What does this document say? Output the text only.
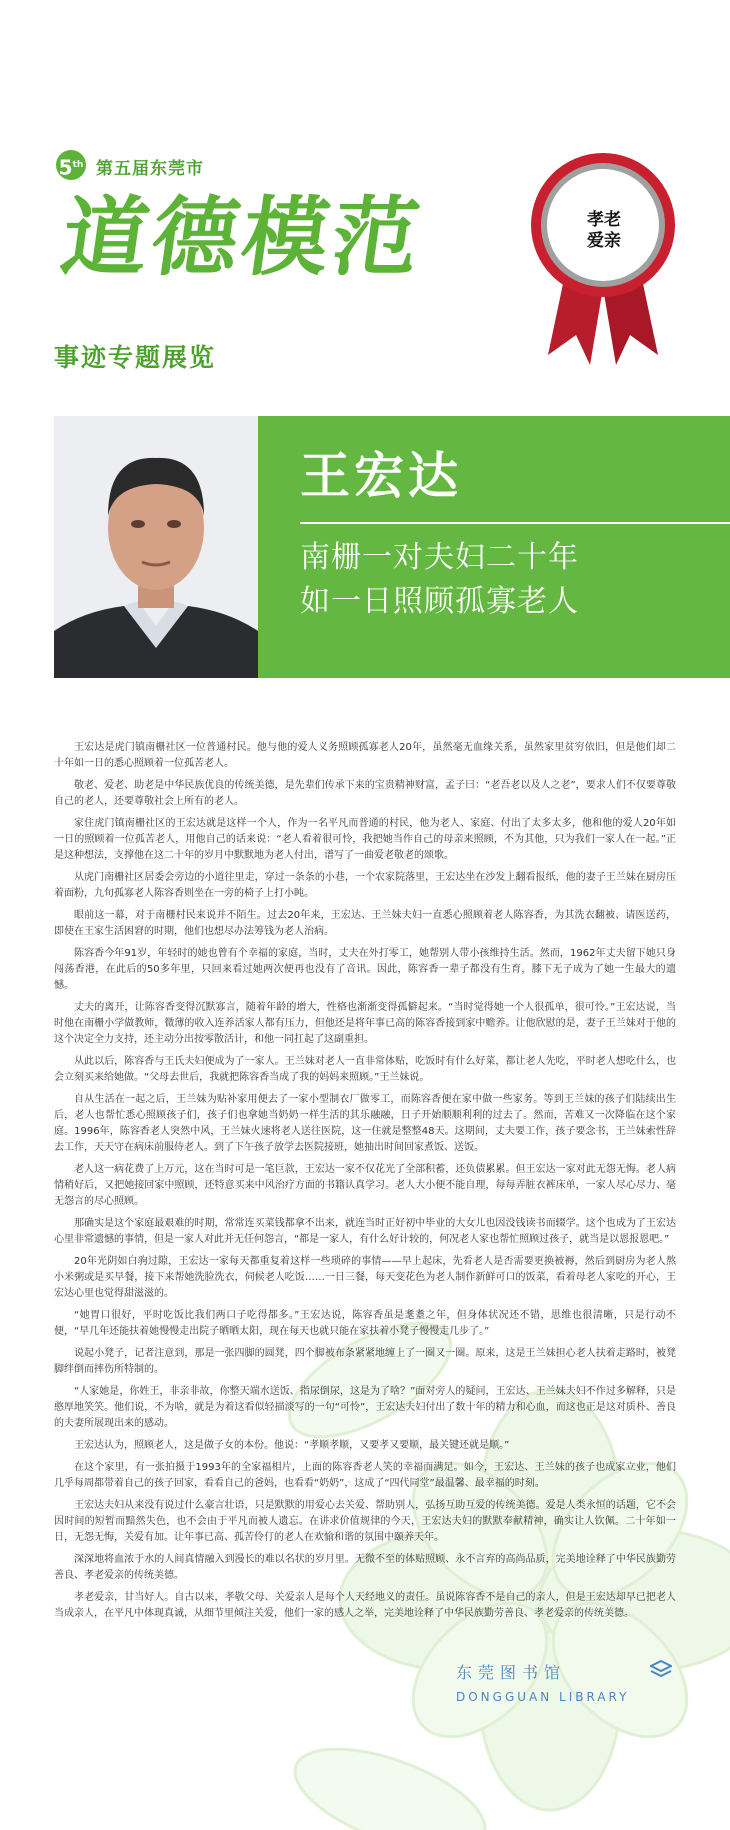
5th 第五届东莞市
道德模范
事迹专题展览
孝老
爱亲
王宏达
南栅一对夫妇二十年
如一日照顾孤寡老人

王宏达是虎门镇南栅社区一位普通村民。他与他的爱人义务照顾孤寡老人20年，虽然毫无血缘关系，虽然家里贫穷依旧，但是他们却二十年如一日的悉心照顾着一位孤苦老人。

敬老、爱老、助老是中华民族优良的传统美德，是先辈们传承下来的宝贵精神财富，孟子曰：“老吾老以及人之老”，要求人们不仅要尊敬自己的老人，还要尊敬社会上所有的老人。

家住虎门镇南栅社区的王宏达就是这样一个人，作为一名平凡而普通的村民，他为老人、家庭、付出了太多太多，他和他的爱人20年如一日的照顾着一位孤苦老人，用他自己的话来说：“老人看着很可怜，我把她当作自己的母亲来照顾，不为其他，只为我们一家人在一起。”正是这种想法，支撑他在这二十年的岁月中默默地为老人付出，谱写了一曲爱老敬老的颂歌。

从虎门南栅社区居委会旁边的小道往里走，穿过一条条的小巷，一个农家院落里，王宏达坐在沙发上翻看报纸，他的妻子王兰妹在厨房压着面粉，九旬孤寡老人陈容香则坐在一旁的椅子上打小盹。

眼前这一幕，对于南栅村民来说并不陌生。过去20年来，王宏达、王兰妹夫妇一直悉心照顾着老人陈容香，为其洗衣翻被、请医送药，即使在王家生活困窘的时期，他们也想尽办法筹钱为老人治病。

陈容香今年91岁，年轻时的她也曾有个幸福的家庭，当时，丈夫在外打零工，她帮别人带小孩维持生活。然而，1962年丈夫留下她只身闯荡香港，在此后的50多年里，只回来看过她两次便再也没有了音讯。因此，陈容香一辈子都没有生育，膝下无子成为了她一生最大的遗憾。

丈夫的离开，让陈容香变得沉默寡言，随着年龄的增大，性格也渐渐变得孤僻起来。“当时觉得她一个人很孤单，很可怜。”王宏达说，当时他在南栅小学做教师，微薄的收入连养活家人都有压力，但他还是将年事已高的陈容香接到家中赡养。让他欣慰的是，妻子王兰妹对于他的这个决定全力支持，还主动分出按零散活计，和他一同扛起了这副重担。

从此以后，陈容香与王氏夫妇便成为了一家人。王兰妹对老人一直非常体贴，吃饭时有什么好菜，都让老人先吃，平时老人想吃什么，也会立刻买来给她做。“父母去世后，我就把陈容香当成了我的妈妈来照顾。”王兰妹说。

自从生活在一起之后，王兰妹为贴补家用便去了一家小型制衣厂做零工，而陈容香便在家中做一些家务。等到王兰妹的孩子们陆续出生后，老人也帮忙悉心照顾孩子们，孩子们也拿她当奶奶一样生活的其乐融融，日子开始顺顺利利的过去了。然而，苦难又一次降临在这个家庭。1996年，陈容香老人突然中风，王兰妹火速将老人送往医院，这一住就是整整48天。这期间，丈夫要工作，孩子要念书，王兰妹索性辞去工作，天天守在病床前服侍老人。到了下午孩子放学去医院接班，她抽出时间回家煮饭、送饭。

老人这一病花费了上万元，这在当时可是一笔巨款，王宏达一家不仅花光了全部积蓄，还负债累累。但王宏达一家对此无怨无悔。老人病情稍好后，又把她接回家中照顾，还特意买来中风治疗方面的书籍认真学习。老人大小便不能自理，每每弄脏衣裤床单，一家人尽心尽力、毫无怨言的尽心照顾。

那确实是这个家庭最艰难的时期，常常连买菜钱都拿不出来，就连当时正好初中毕业的大女儿也因没钱读书而辍学。这个也成为了王宏达心里非常遗憾的事情，但是一家人对此并无任何怨言，“都是一家人，有什么好计较的，何况老人家也帮忙照顾过孩子，就当是以恩报恩吧。”

20年光阴如白驹过隙，王宏达一家每天都重复着这样一些琐碎的事情——早上起床，先看老人是否需要更换被褥，然后到厨房为老人熬小米粥或是买早餐，接下来帮她洗脸洗衣，伺候老人吃饭……一日三餐，每天变花色为老人制作新鲜可口的饭菜，看着母老人家吃的开心，王宏达心里也觉得甜滋滋的。

“她胃口很好，平时吃饭比我们两口子吃得都多。”王宏达说，陈容香虽是耄耋之年，但身体状况还不错，思维也很清晰，只是行动不便，“早几年还能扶着她慢慢走出院子晒晒太阳，现在每天也就只能在家扶着小凳子慢慢走几步了。”

说起小凳子，记者注意到，那是一张四脚的圆凳，四个脚被布条紧紧地缠上了一圈又一圈。原来，这是王兰妹担心老人扶着走路时，被凳脚绊倒而摔伤所特制的。

“人家她是，你姓王，非亲非故，你整天端水送饭、指尿倒尿，这是为了啥？”面对旁人的疑问，王宏达、王兰妹夫妇不作过多解释，只是憨厚地笑笑。他们说，不为啥，就是为着这看似轻描淡写的一句“可怜”，王宏达夫妇付出了数十年的精力和心血，而这也正是这对质朴、善良的夫妻所展现出来的感动。

王宏达认为，照顾老人，这是做子女的本份。他说：“孝顺孝顺，又要孝又要顺，最关键还就是顺。”

在这个家里，有一张拍摄于1993年的全家福相片，上面的陈容香老人笑的幸福而满足。如今，王宏达、王兰妹的孩子也成家立业，他们几乎每周都带着自己的孩子回家，看看自己的爸妈，也看看“奶奶”，这成了“四代同堂”最温馨、最幸福的时刻。

王宏达夫妇从来没有说过什么豪言壮语，只是默默的用爱心去关爱、帮助别人，弘扬互助互爱的传统美德。爱是人类永恒的话题，它不会因时间的短暂而黯然失色，也不会由于平凡而被人遗忘。在讲求价值规律的今天，王宏达夫妇的默默奉献精神，确实让人钦佩。二十年如一日，无怨无悔，关爱有加。让年事已高、孤苦伶仃的老人在欢愉和谐的氛围中颐养天年。

深深地将血浓于水的人间真情融入到漫长的难以名状的岁月里。无微不至的体贴照顾、永不言弃的高尚品质，完美地诠释了中华民族勤劳善良、孝老爱亲的传统美德。

孝老爱亲，甘当好人。自古以来，孝敬父母、关爱亲人是每个人天经地义的责任。虽说陈容香不是自己的亲人，但是王宏达却早已把老人当成亲人，在平凡中体现真诚，从细节里倾注关爱，他们一家的感人之举，完美地诠释了中华民族勤劳善良、孝老爱亲的传统美德。

东莞图书馆
DONGGUAN LIBRARY
